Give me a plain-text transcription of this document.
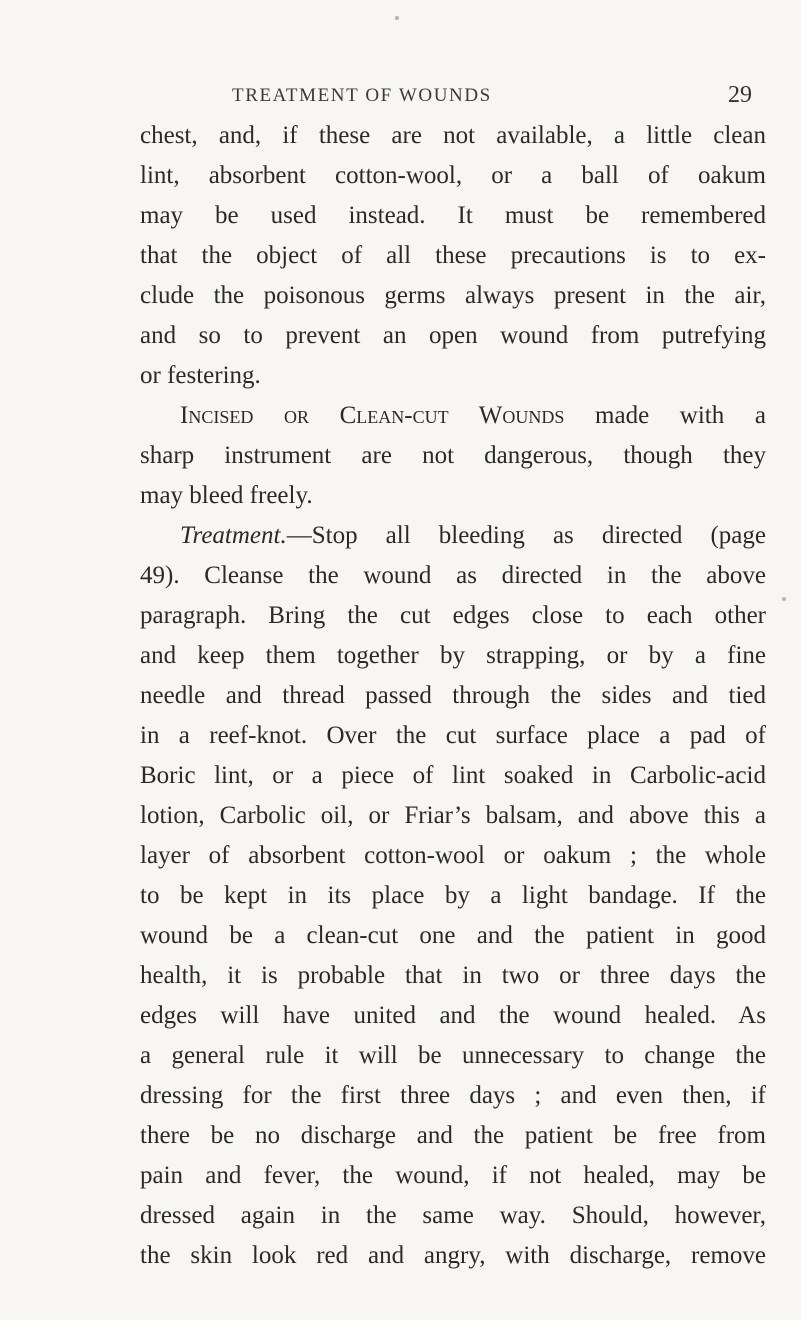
TREATMENT OF WOUNDS	29
chest, and, if these are not available, a little clean
lint, absorbent cotton-wool, or a ball of oakum
may be used instead. It must be remembered
that the object of all these precautions is to ex-
clude the poisonous germs always present in the air,
and so to prevent an open wound from putrefying
or festering.
Incised or Clean-cut Wounds made with a
sharp instrument are not dangerous, though they
may bleed freely.
Treatment.—Stop all bleeding as directed (page
49). Cleanse the wound as directed in the above
paragraph. Bring the cut edges close to each other
and keep them together by strapping, or by a fine
needle and thread passed through the sides and tied
in a reef-knot. Over the cut surface place a pad of
Boric lint, or a piece of lint soaked in Carbolic-acid
lotion, Carbolic oil, or Friar’s balsam, and above this a
layer of absorbent cotton-wool or oakum ; the whole
to be kept in its place by a light bandage. If the
wound be a clean-cut one and the patient in good
health, it is probable that in two or three days the
edges will have united and the wound healed. As
a general rule it will be unnecessary to change the
dressing for the first three days ; and even then, if
there be no discharge and the patient be free from
pain and fever, the wound, if not healed, may be
dressed again in the same way. Should, however,
the skin look red and angry, with discharge, remove
